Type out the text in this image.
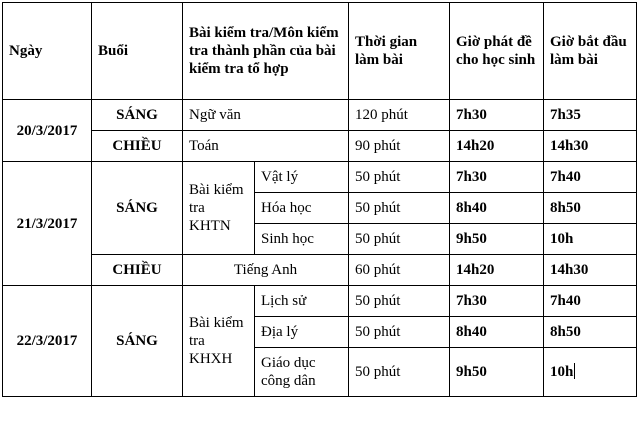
Ngày	Buổi	Bài kiểm tra/Môn kiểm tra thành phần của bài kiểm tra tổ hợp		Thời gian làm bài	Giờ phát đề cho học sinh	Giờ bắt đầu làm bài
20/3/2017	SÁNG	Ngữ văn		120 phút	7h30	7h35
	CHIỀU	Toán		90 phút	14h20	14h30
21/3/2017	SÁNG	Bài kiểm tra KHTN	Vật lý	50 phút	7h30	7h40
			Hóa học	50 phút	8h40	8h50
			Sinh học	50 phút	9h50	10h
	CHIỀU	Tiếng Anh		60 phút	14h20	14h30
22/3/2017	SÁNG	Bài kiểm tra KHXH	Lịch sử	50 phút	7h30	7h40
			Địa lý	50 phút	8h40	8h50
			Giáo dục công dân	50 phút	9h50	10h
